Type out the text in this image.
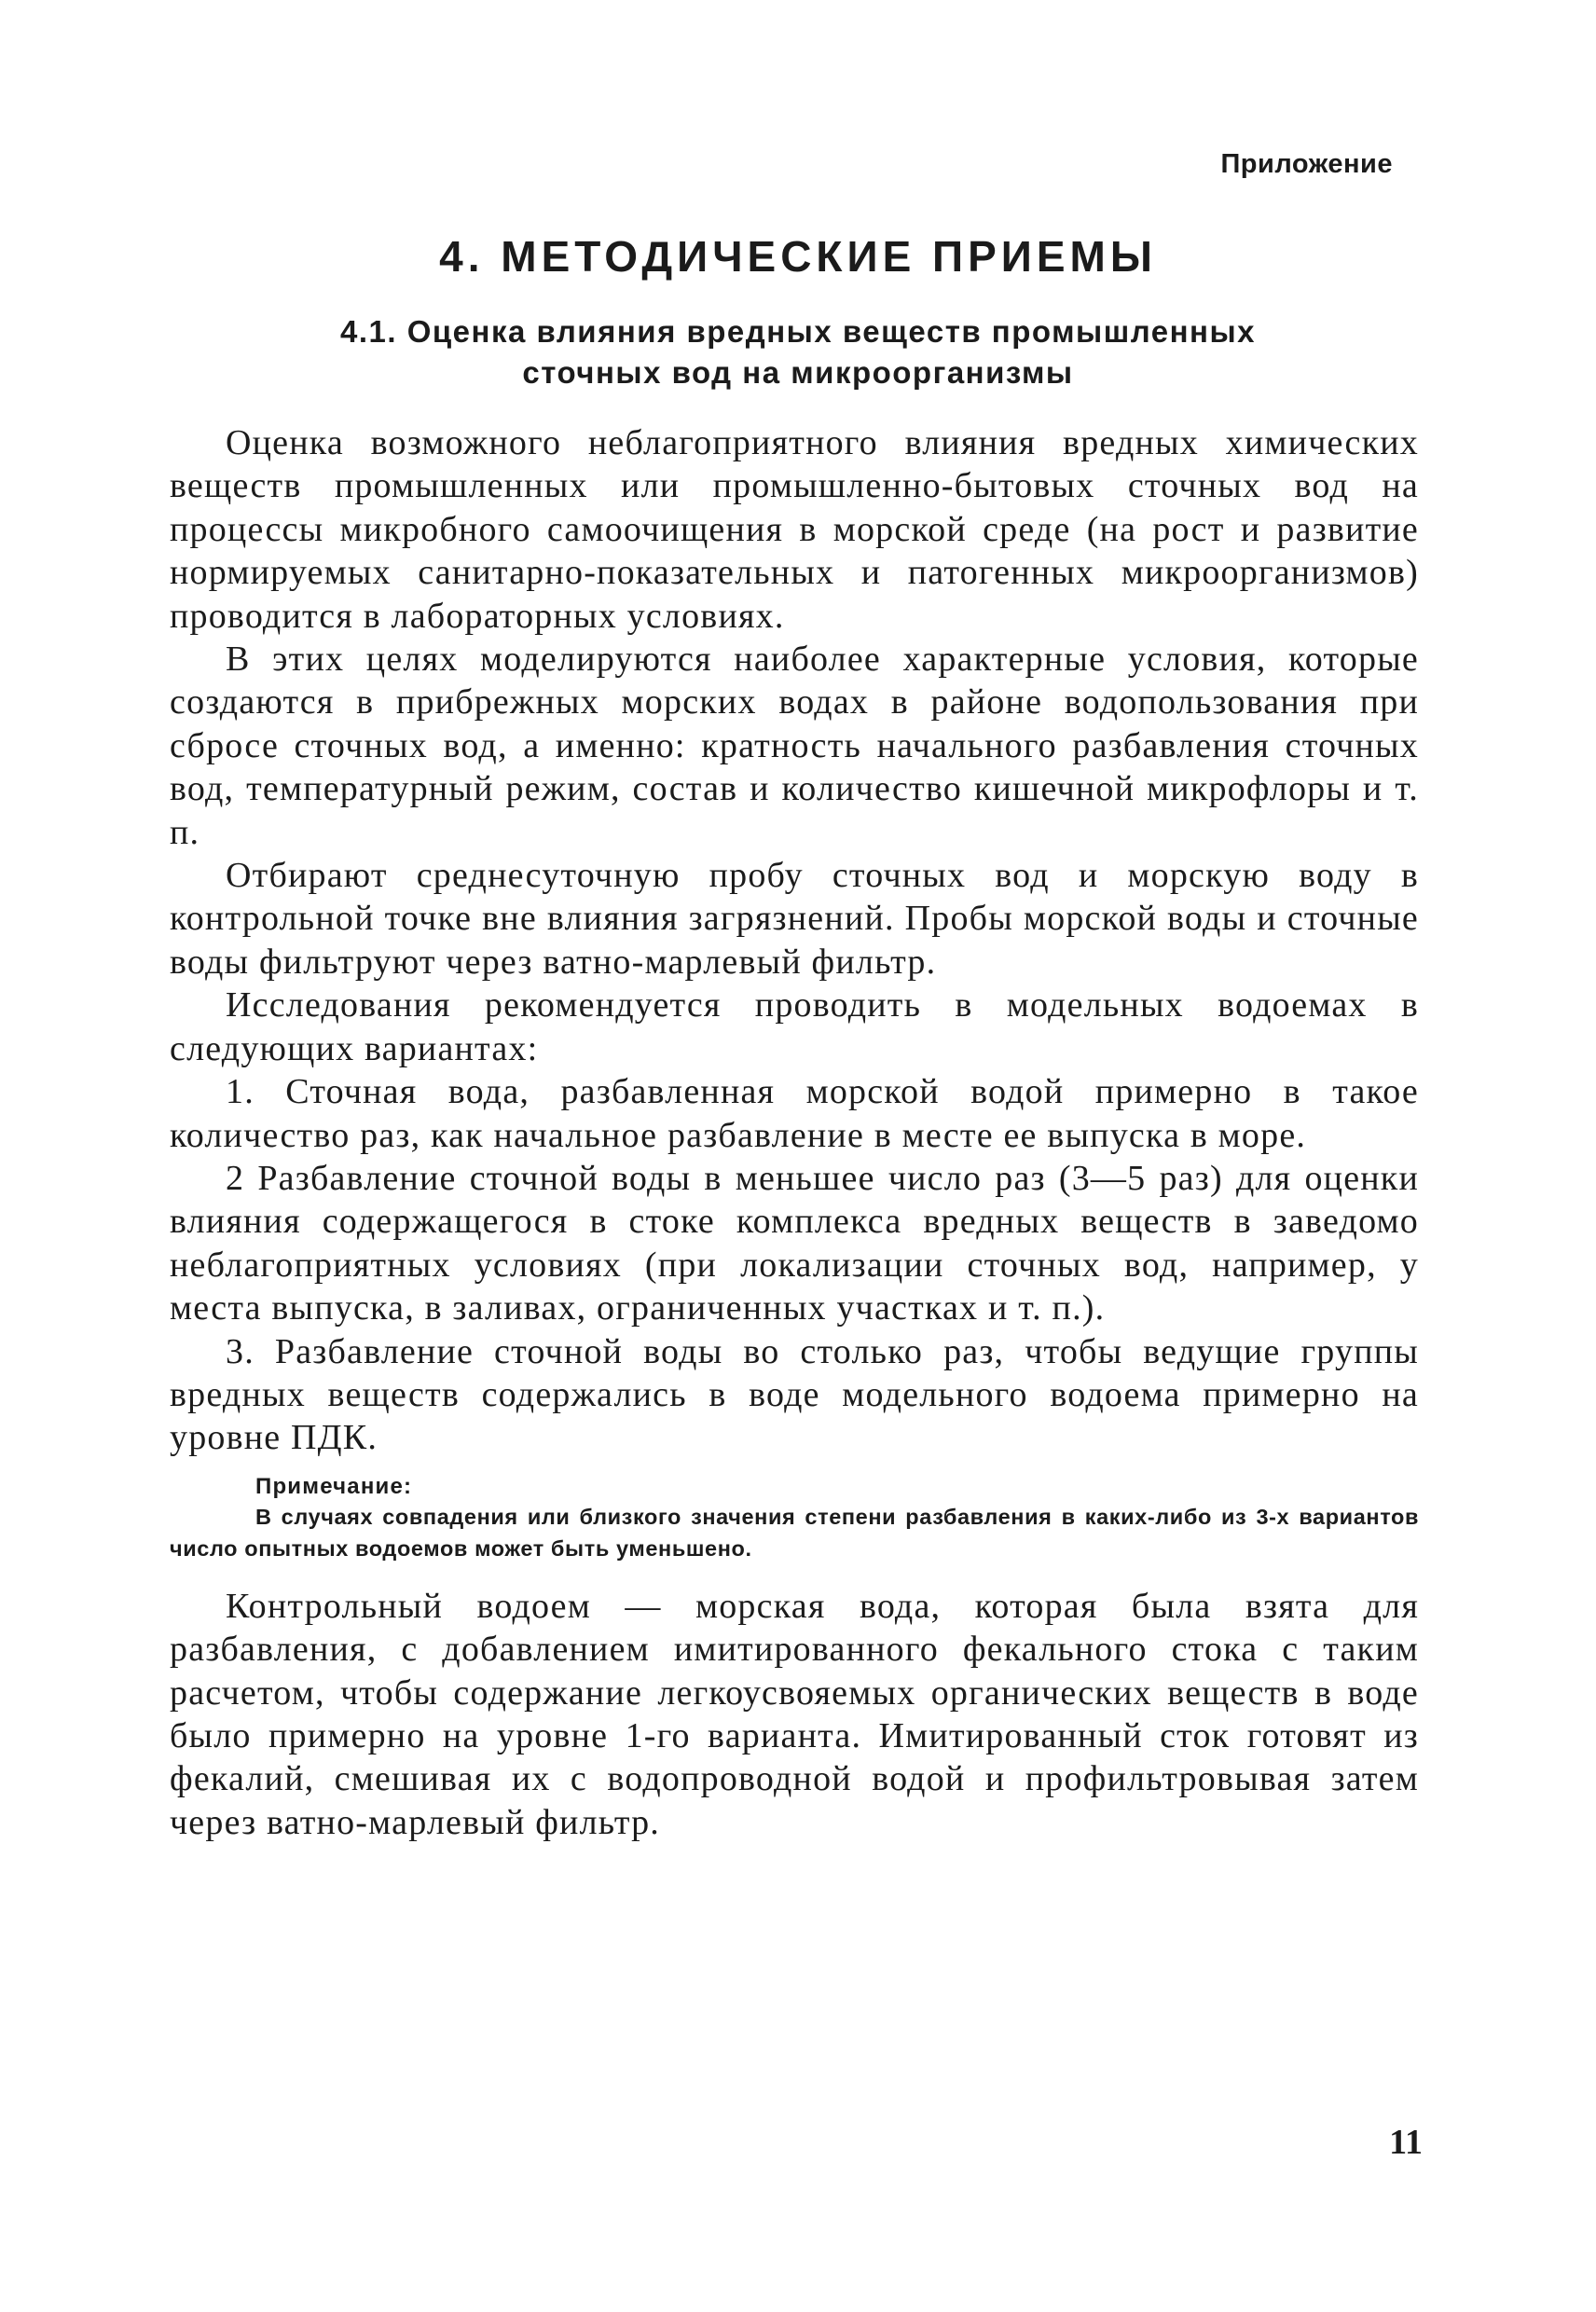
Приложение
4. МЕТОДИЧЕСКИЕ ПРИЕМЫ
4.1. Оценка влияния вредных веществ промышленных
сточных вод на микроорганизмы

Оценка возможного неблагоприятного влияния вредных химических веществ промышленных или промышленно-бытовых сточных вод на процессы микробного самоочищения в морской среде (на рост и развитие нормируемых санитарно-показательных и патогенных микроорганизмов) проводится в лабораторных условиях.

В этих целях моделируются наиболее характерные условия, которые создаются в прибрежных морских водах в районе водопользования при сбросе сточных вод, а именно: кратность начального разбавления сточных вод, температурный режим, состав и количество кишечной микрофлоры и т. п.

Отбирают среднесуточную пробу сточных вод и морскую воду в контрольной точке вне влияния загрязнений. Пробы морской воды и сточные воды фильтруют через ватно-марлевый фильтр.

Исследования рекомендуется проводить в модельных водоемах в следующих вариантах:

1. Сточная вода, разбавленная морской водой примерно в такое количество раз, как начальное разбавление в месте ее выпуска в море.

2 Разбавление сточной воды в меньшее число раз (3—5 раз) для оценки влияния содержащегося в стоке комплекса вредных веществ в заведомо неблагоприятных условиях (при локализации сточных вод, например, у места выпуска, в заливах, ограниченных участках и т. п.).

3. Разбавление сточной воды во столько раз, чтобы ведущие группы вредных веществ содержались в воде модельного водоема примерно на уровне ПДК.

Примечание:

В случаях совпадения или близкого значения степени разбавления в каких-либо из 3-х вариантов число опытных водоемов может быть уменьшено.

Контрольный водоем — морская вода, которая была взята для разбавления, с добавлением имитированного фекального стока с таким расчетом, чтобы содержание легкоусвояемых органических веществ в воде было примерно на уровне 1-го варианта. Имитированный сток готовят из фекалий, смешивая их с водопроводной водой и профильтровывая затем через ватно-марлевый фильтр.

11
